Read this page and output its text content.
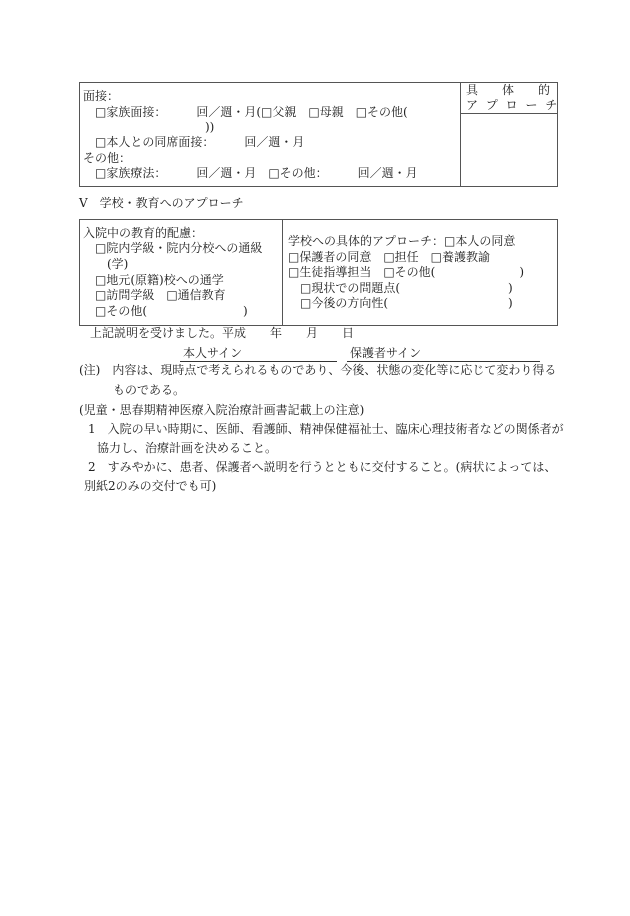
具　　体　　的
ア プ ロ ー チ
面接：
□家族面接：　　　回／週・月(□父親　□母親　□その他(
))
□本人との同席面接：　　　回／週・月
その他：
□家族療法：　　　回／週・月　□その他：　　　回／週・月
V　学校・教育へのアプローチ
入院中の教育的配慮：
　□院内学級・院内分校への通級
　　(学)
　□地元(原籍)校への通学
　□訪問学級　□通信教育
　□その他(　　　　　　　　)
学校への具体的アプローチ：□本人の同意
□保護者の同意　□担任　□養護教諭
□生徒指導担当　□その他(　　　　　　　)
　□現状での問題点(　　　　　　　　　)
　□今後の方向性(　　　　　　　　　　)
上記説明を受けました。平成　　年　　月　　日
本人サイン	保護者サイン
(注)　内容は、現時点で考えられるものであり、今後、状態の変化等に応じて変わり得る
ものである。
(児童・思春期精神医療入院治療計画書記載上の注意)
1　入院の早い時期に、医師、看護師、精神保健福祉士、臨床心理技術者などの関係者が
協力し、治療計画を決めること。
2　すみやかに、患者、保護者へ説明を行うとともに交付すること。(病状によっては、
別紙2のみの交付でも可)
